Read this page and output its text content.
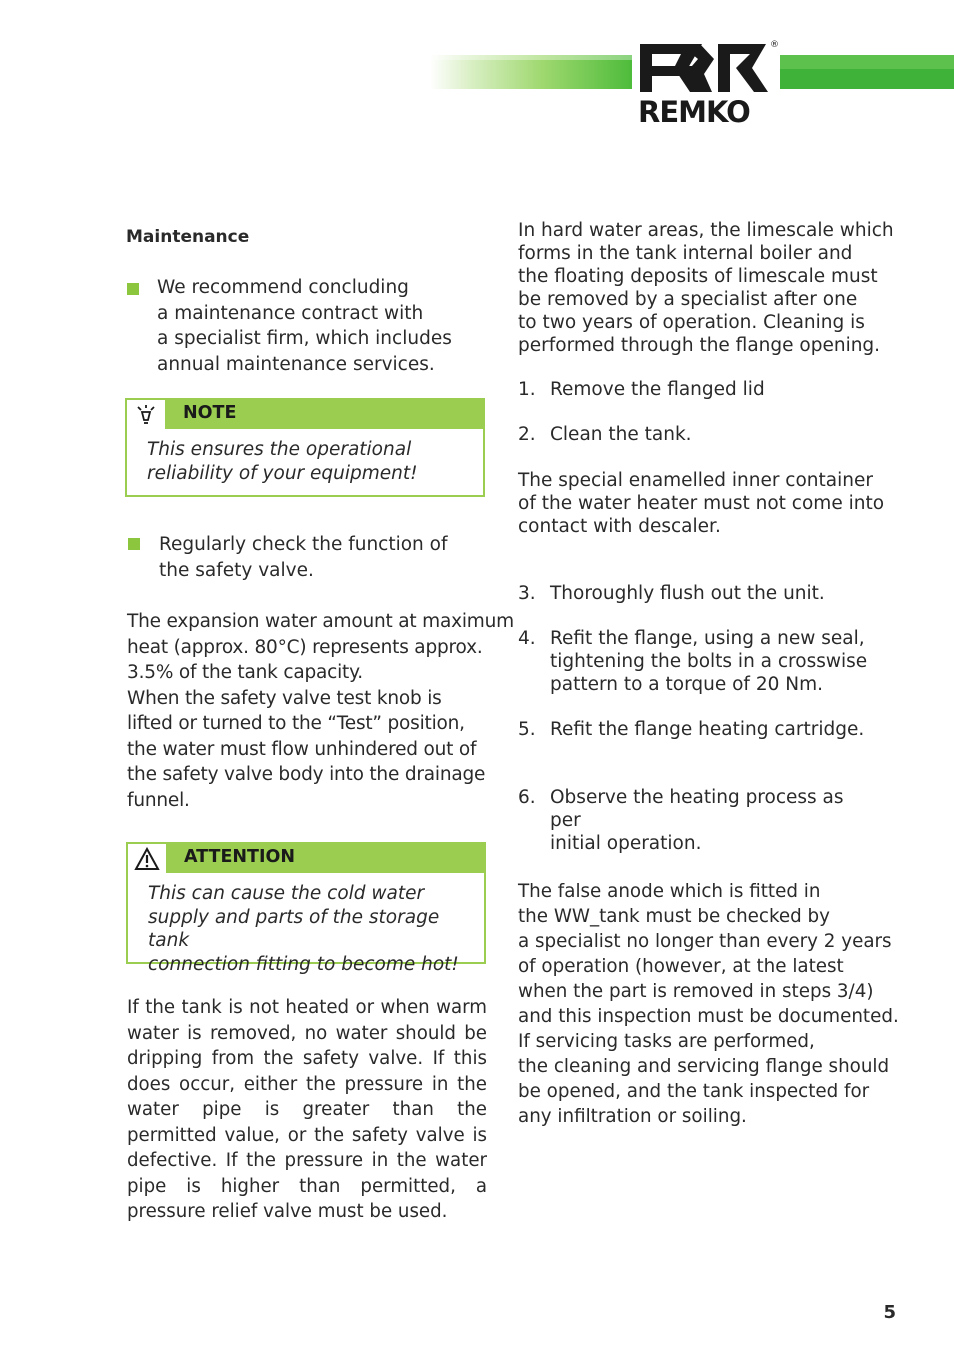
REMKO
®
Maintenance
We recommend concluding
a maintenance contract with
a specialist firm, which includes
annual maintenance services.
NOTE
This ensures the operational
reliability of your equipment!
Regularly check the function of
the safety valve.
The expansion water amount at maximum
heat (approx. 80°C) represents approx.
3.5% of the tank capacity.
When the safety valve test knob is
lifted or turned to the “Test” position,
the water must flow unhindered out of
the safety valve body into the drainage
funnel.
ATTENTION
This can cause the cold water
supply and parts of the storage tank
connection fitting to become hot!
If the tank is not heated or when warm water is removed, no water should be dripping from the safety valve. If this does occur, either the pressure in the water pipe is greater than the permitted value, or the safety valve is defective. If the pressure in the water pipe is higher than permitted, a pressure relief valve must be used.
In hard water areas, the limescale which
forms in the tank internal boiler and
the floating deposits of limescale must
be removed by a specialist after one
to two years of operation. Cleaning is
performed through the flange opening.
1. Remove the flanged lid
2. Clean the tank.
The special enamelled inner container
of the water heater must not come into
contact with descaler.
3. Thoroughly flush out the unit.
4. Refit the flange, using a new seal,
tightening the bolts in a crosswise
pattern to a torque of 20 Nm.
5. Refit the flange heating cartridge.
6. Observe the heating process as per
initial operation.
The false anode which is fitted in
the WW_tank must be checked by
a specialist no longer than every 2 years
of operation (however, at the latest
when the part is removed in steps 3/4)
and this inspection must be documented.
If servicing tasks are performed,
the cleaning and servicing flange should
be opened, and the tank inspected for
any infiltration or soiling.
5
